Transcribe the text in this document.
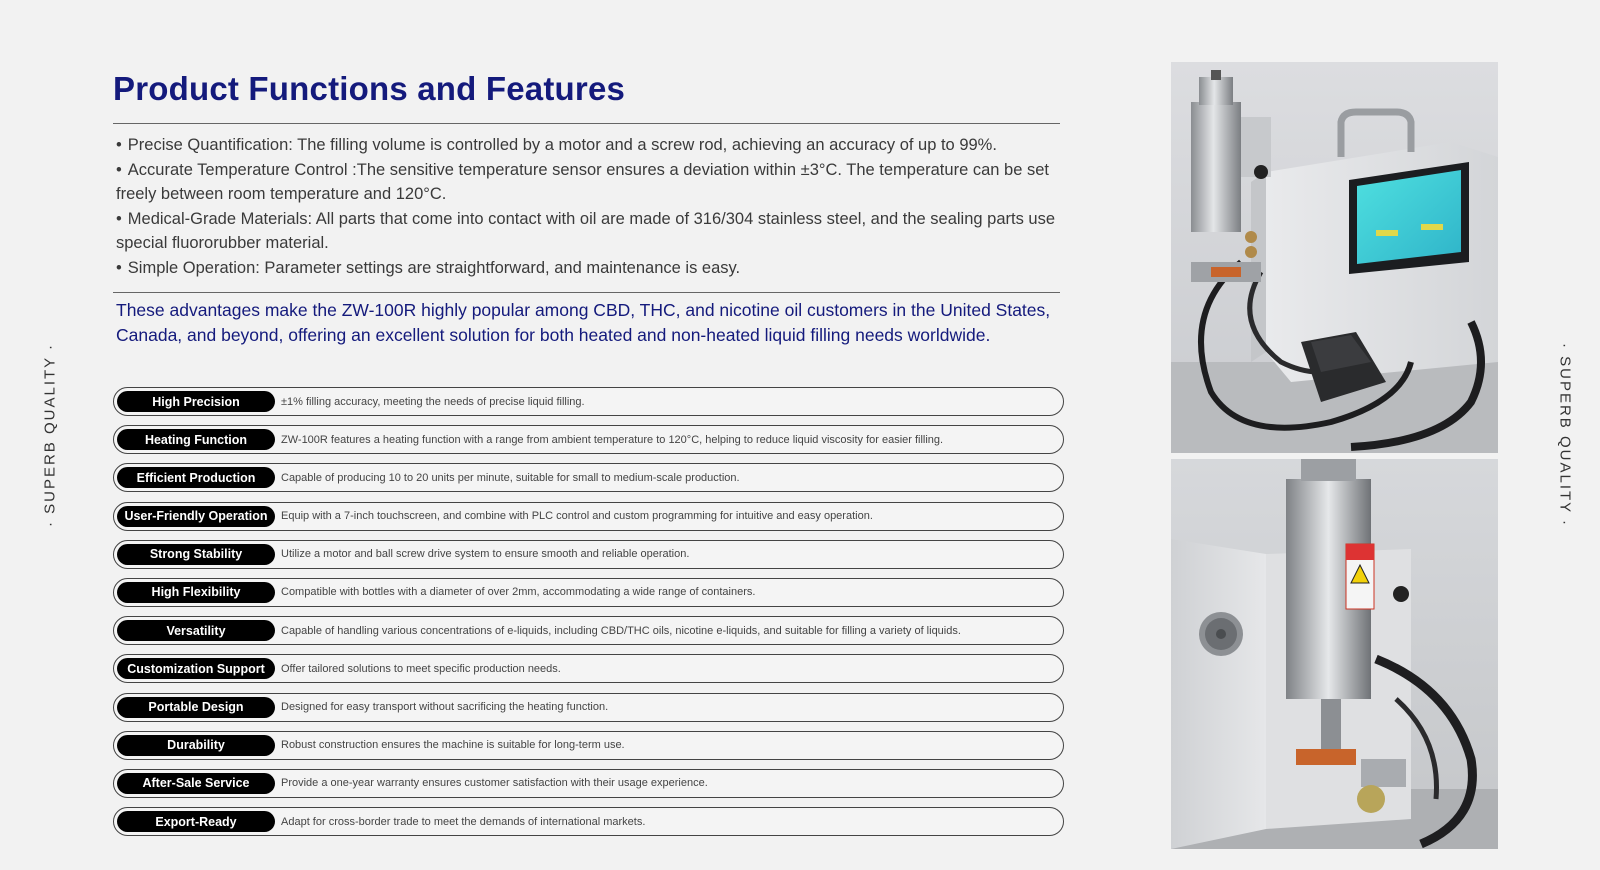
· SUPERB QUALITY ·	· SUPERB QUALITY ·
Product Functions and Features

• Precise Quantification: The filling volume is controlled by a motor and a screw rod, achieving an accuracy of up to 99%.

• Accurate Temperature Control :The sensitive temperature sensor ensures a deviation within ±3°C. The temperature can be set freely between room temperature and 120°C.

• Medical-Grade Materials: All parts that come into contact with oil are made of 316/304 stainless steel, and the sealing parts use special fluororubber material.

• Simple Operation: Parameter settings are straightforward, and maintenance is easy.

These advantages make the ZW-100R highly popular among CBD, THC, and nicotine oil customers in the United States, Canada, and beyond, offering an excellent solution for both heated and non-heated liquid filling needs worldwide.
High Precision	±1% filling accuracy, meeting the needs of precise liquid filling.
Heating Function	ZW-100R features a heating function with a range from ambient temperature to 120°C, helping to reduce liquid viscosity for easier filling.
Efficient Production	Capable of producing 10 to 20 units per minute, suitable for small to medium-scale production.
User-Friendly Operation	Equip with a 7-inch touchscreen, and combine with PLC control and custom programming for intuitive and easy operation.
Strong Stability	Utilize a motor and ball screw drive system to ensure smooth and reliable operation.
High Flexibility	Compatible with bottles with a diameter of over 2mm, accommodating a wide range of containers.
Versatility	Capable of handling various concentrations of e-liquids, including CBD/THC oils, nicotine e-liquids, and suitable for filling a variety of liquids.
Customization Support	Offer tailored solutions to meet specific production needs.
Portable Design	Designed for easy transport without sacrificing the heating function.
Durability	Robust construction ensures the machine is suitable for long-term use.
After-Sale Service	Provide a one-year warranty ensures customer satisfaction with their usage experience.
Export-Ready	Adapt for cross-border trade to meet the demands of international markets.
